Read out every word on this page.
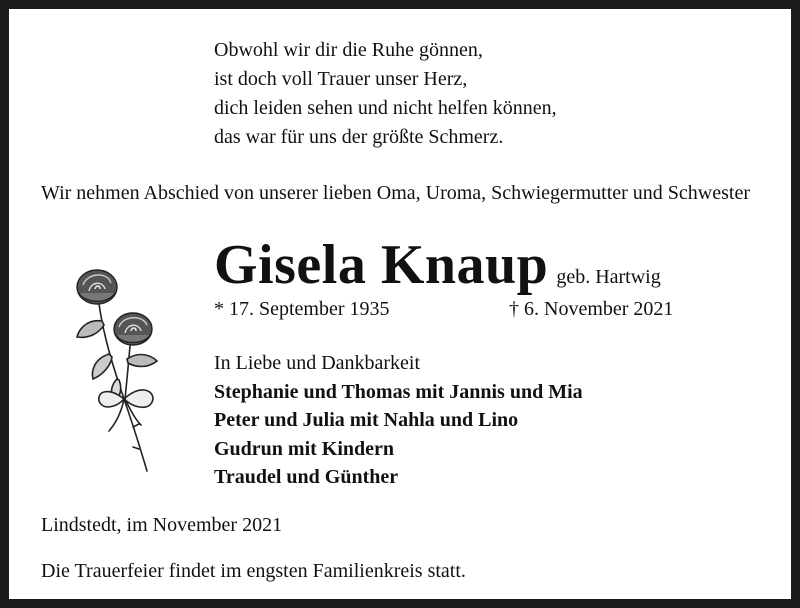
Obwohl wir dir die Ruhe gönnen,
ist doch voll Trauer unser Herz,
dich leiden sehen und nicht helfen können,
das war für uns der größte Schmerz.
Wir nehmen Abschied von unserer lieben Oma, Uroma, Schwiegermutter und Schwester
Gisela Knaup geb. Hartwig
* 17. September 1935	† 6. November 2021
In Liebe und Dankbarkeit
Stephanie und Thomas mit Jannis und Mia
Peter und Julia mit Nahla und Lino
Gudrun mit Kindern
Traudel und Günther
Lindstedt, im November 2021
Die Trauerfeier findet im engsten Familienkreis statt.
